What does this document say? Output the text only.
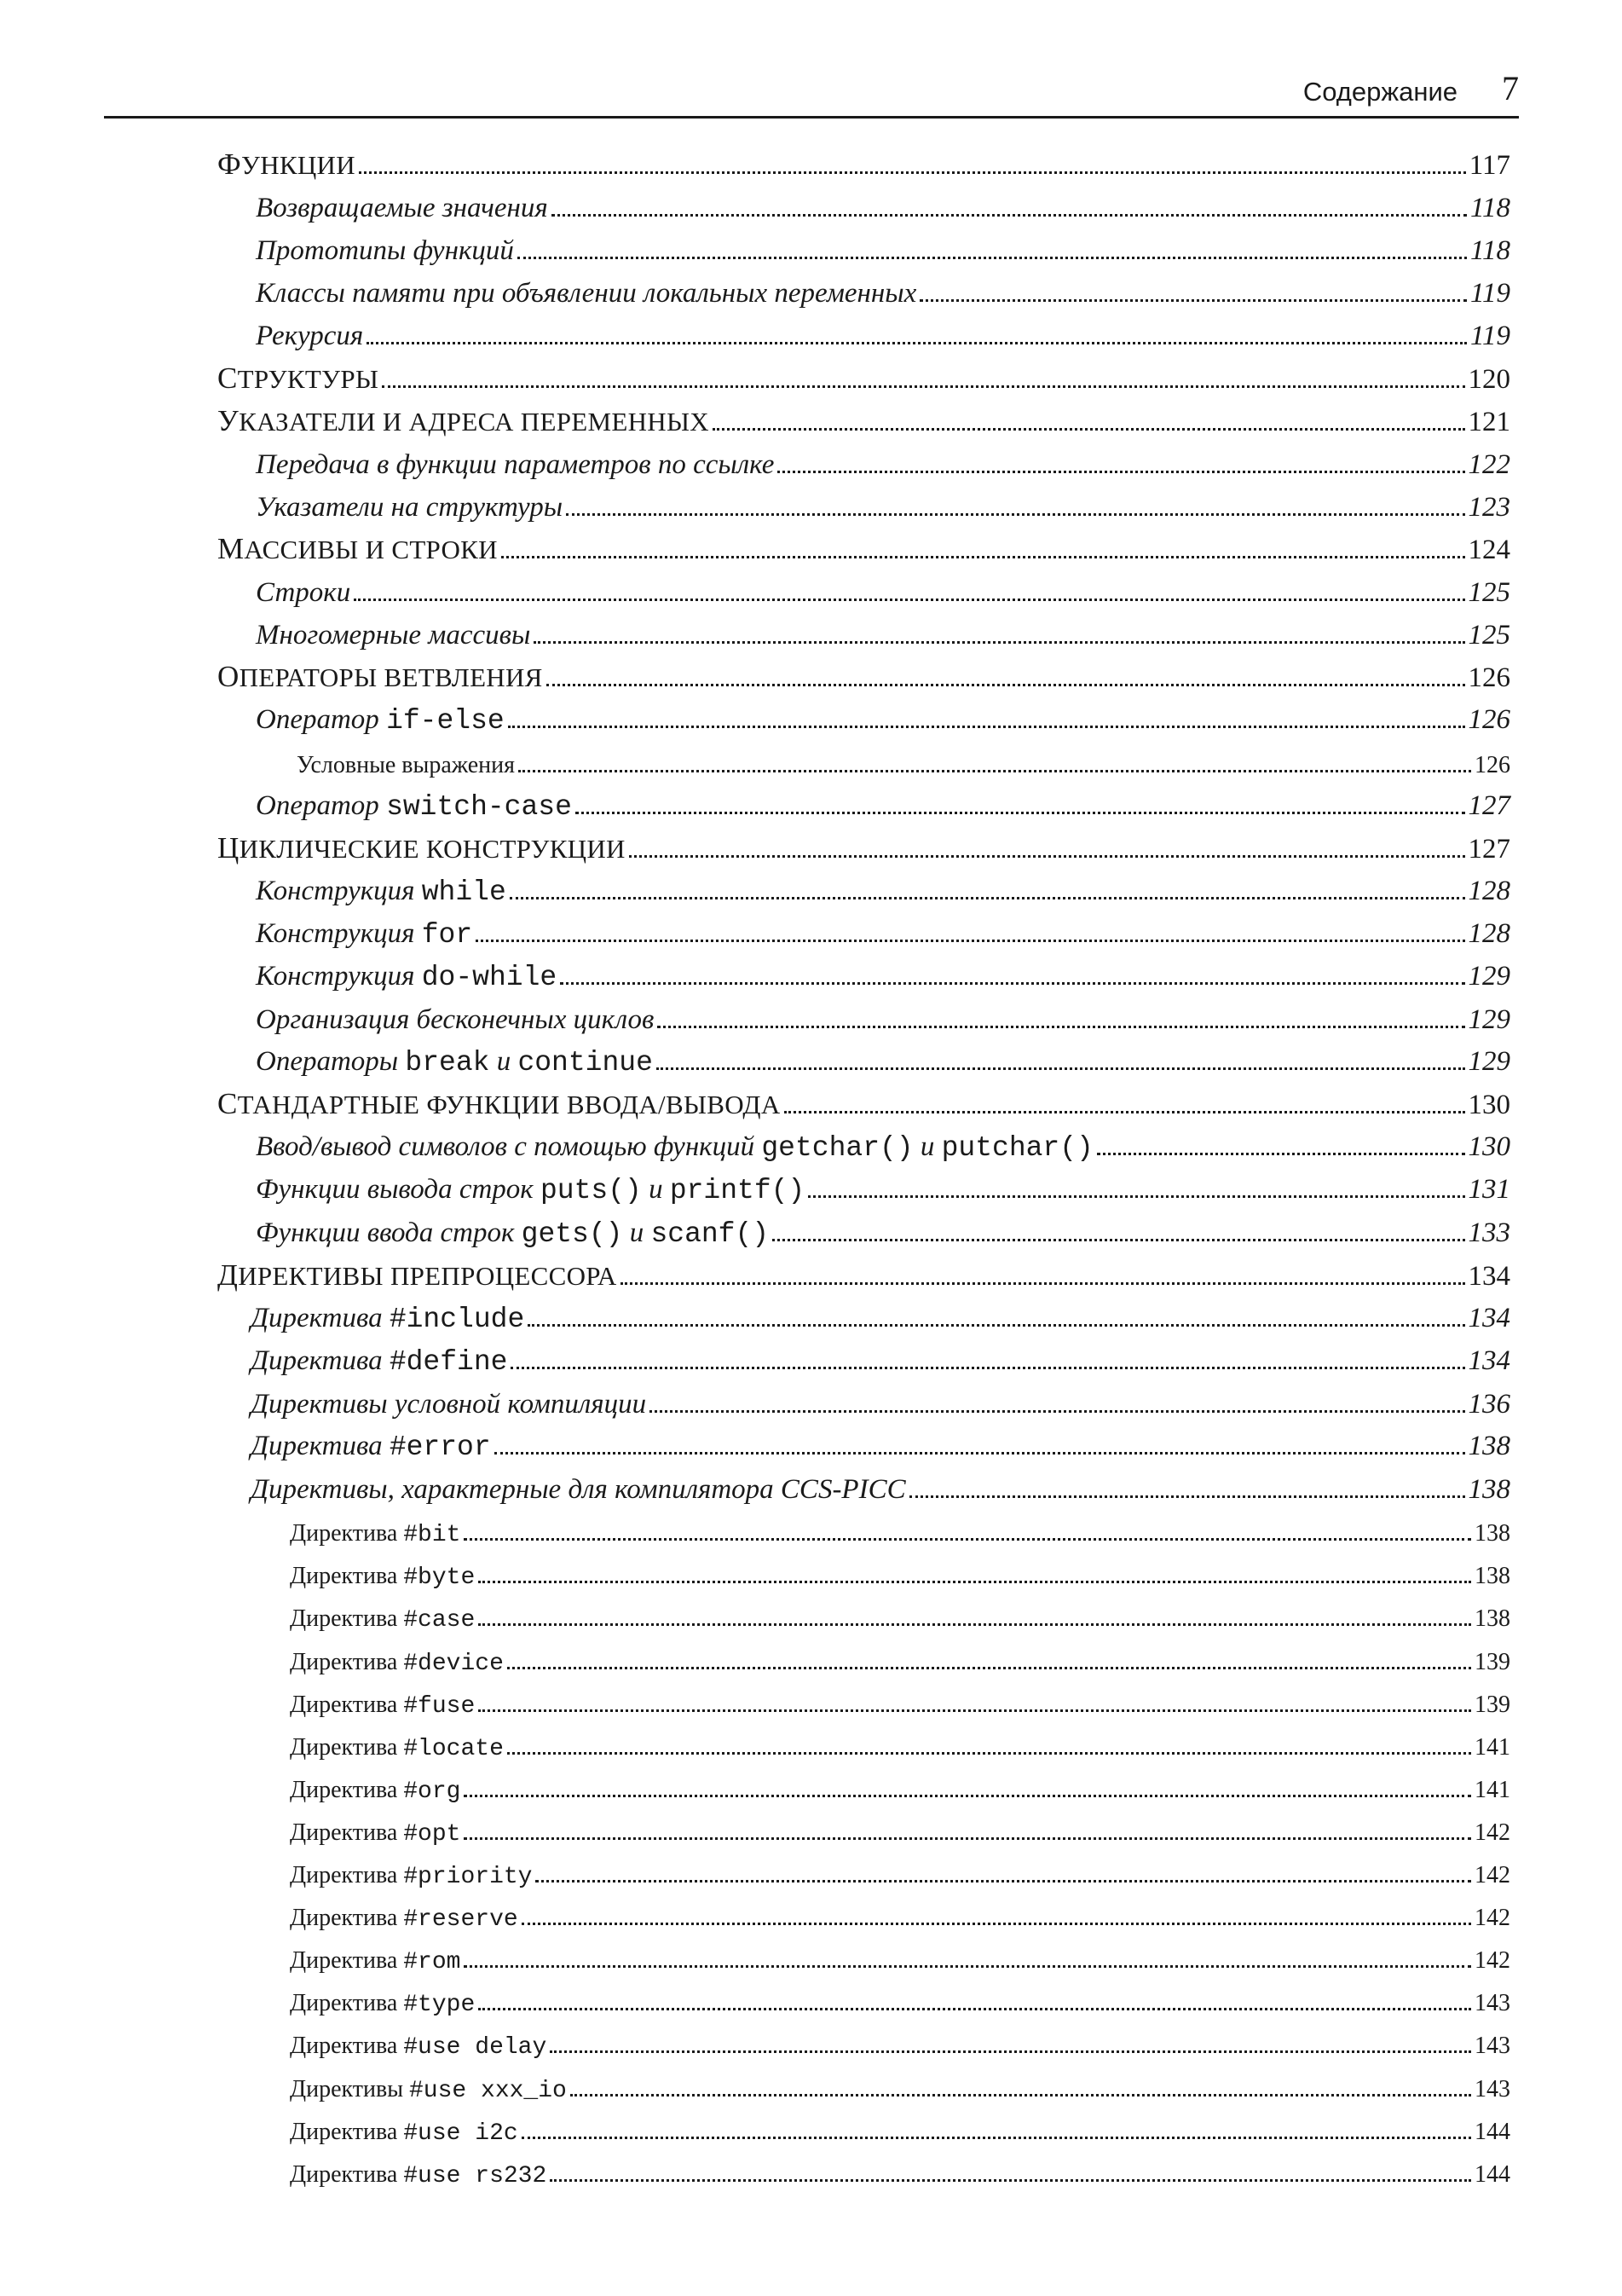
Содержание 7
ФУНКЦИИ	117
Возвращаемые значения	118
Прототипы функций	118
Классы памяти при объявлении локальных переменных	119
Рекурсия	119
СТРУКТУРЫ	120
УКАЗАТЕЛИ И АДРЕСА ПЕРЕМЕННЫХ	121
Передача в функции параметров по ссылке	122
Указатели на структуры	123
МАССИВЫ И СТРОКИ	124
Строки	125
Многомерные массивы	125
ОПЕРАТОРЫ ВЕТВЛЕНИЯ	126
Оператор if-else	126
Условные выражения	126
Оператор switch-case	127
ЦИКЛИЧЕСКИЕ КОНСТРУКЦИИ	127
Конструкция while	128
Конструкция for	128
Конструкция do-while	129
Организация бесконечных циклов	129
Операторы break и continue	129
СТАНДАРТНЫЕ ФУНКЦИИ ВВОДА/ВЫВОДА	130
Ввод/вывод символов с помощью функций getchar() и putchar()	130
Функции вывода строк puts() и printf()	131
Функции ввода строк gets() и scanf()	133
ДИРЕКТИВЫ ПРЕПРОЦЕССОРА	134
Директива #include	134
Директива #define	134
Директивы условной компиляции	136
Директива #error	138
Директивы, характерные для компилятора CCS-PICC	138
Директива #bit	138
Директива #byte	138
Директива #case	138
Директива #device	139
Директива #fuse	139
Директива #locate	141
Директива #org	141
Директива #opt	142
Директива #priority	142
Директива #reserve	142
Директива #rom	142
Директива #type	143
Директива #use delay	143
Директивы #use xxx_io	143
Директива #use i2c	144
Директива #use rs232	144
